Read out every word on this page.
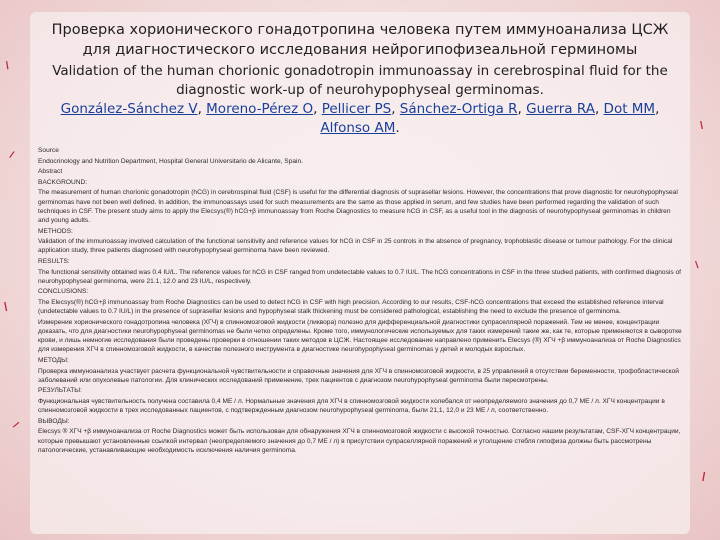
/
/
\
/
\
/
/
Проверка хорионического гонадотропина человека путем иммуноанализа ЦСЖ для диагностического исследования нейрогипофизеальной герминомы
Validation of the human chorionic gonadotropin immunoassay in cerebrospinal fluid for the diagnostic work-up of neurohypophyseal germinomas.
González-Sánchez V, Moreno-Pérez O, Pellicer PS, Sánchez-Ortiga R, Guerra RA, Dot MM, Alfonso AM.

Source

Endocrinology and Nutrition Department, Hospital General Universitario de Alicante, Spain.

Abstract

BACKGROUND:

The measurement of human chorionic gonadotropin (hCG) in cerebrospinal fluid (CSF) is useful for the differential diagnosis of suprasellar lesions. However, the concentrations that prove diagnostic for neurohypophyseal germinomas have not been well defined. In addition, the immunoassays used for such measurements are the same as those applied in serum, and few studies have been performed regarding the validation of such techniques in CSF. The present study aims to apply the Elecsys(®) hCG+β immunoassay from Roche Diagnostics to measure hCG in CSF, as a useful tool in the diagnosis of neurohypophyseal germinomas in children and young adults.

METHODS:

Validation of the immunoassay involved calculation of the functional sensitivity and reference values for hCG in CSF in 25 controls in the absence of pregnancy, trophoblastic disease or tumour pathology. For the clinical application study, three patients diagnosed with neurohypophyseal germinoma have been reviewed.

RESULTS:

The functional sensitivity obtained was 0.4 IU/L. The reference values for hCG in CSF ranged from undetectable values to 0.7 IU/L. The hCG concentrations in CSF in the three studied patients, with confirmed diagnosis of neurohypophyseal germinoma, were 21.1, 12.0 and 23 IU/L, respectively.

CONCLUSIONS:

The Elecsys(®) hCG+β immunoassay from Roche Diagnostics can be used to detect hCG in CSF with high precision. According to our results, CSF-hCG concentrations that exceed the established reference interval (undetectable values to 0.7 IU/L) in the presence of suprasellar lesions and hypophyseal stalk thickening must be considered pathological, establishing the need to exclude the presence of germinoma.

Измерение хорионического гонадотропина человека (ХГЧ) в спинномозговой жидкости (ликвора) полезно для дифференциальной диагностики супраселлярной поражений. Тем не менее, концентрации доказать, что для диагностики neurohypophyseal germinomas не были четко определены. Кроме того, иммунологические используемых для таких измерений такие же, как те, которые применяются в сыворотке крови, и лишь немногие исследования были проведены проверки в отношении таких методов в ЦСЖ. Настоящее исследование направлено применить Elecsys (®) ХГЧ +β иммуноанализа от Roche Diagnostics для измерения ХГЧ в спинномозговой жидкости, в качестве полезного инструмента в диагностике neurohypophyseal germinomas у детей и молодых взрослых.

МЕТОДЫ:

Проверка иммуноанализа участвует расчета функциональной чувствительности и справочные значения для ХГЧ в спинномозговой жидкости, в 25 управлений в отсутствии беременности, трофобластической заболеваний или опухолевые патологии. Для клинических исследований применение, трех пациентов с диагнозом neurohypophyseal germinoma были пересмотрены.

РЕЗУЛЬТАТЫ:

Функциональная чувствительность получена составила 0,4 МЕ / л. Нормальные значения для ХГЧ в спинномозговой жидкости колебался от неопределяемого значения до 0,7 МЕ / л. ХГЧ концентрации в спинномозговой жидкости в трех исследованных пациентов, с подтвержденным диагнозом neurohypophyseal germinoma, были 21,1, 12,0 и 23 МЕ / л, соответственно.

ВЫВОДЫ:

Elecsys ® ХГЧ +β иммуноанализа от Roche Diagnostics может быть использован для обнаружения ХГЧ в спинномозговой жидкости с высокой точностью. Согласно нашим результатам, CSF-ХГЧ концентрации, которые превышают установленные ссылкой интервал (неопределяемого значения до 0,7 МЕ / л) в присутствии супраселлярной поражений и утолщение стебля гипофиза должны быть рассмотрены патологические, устанавливающие необходимость исключения наличия germinoma.
